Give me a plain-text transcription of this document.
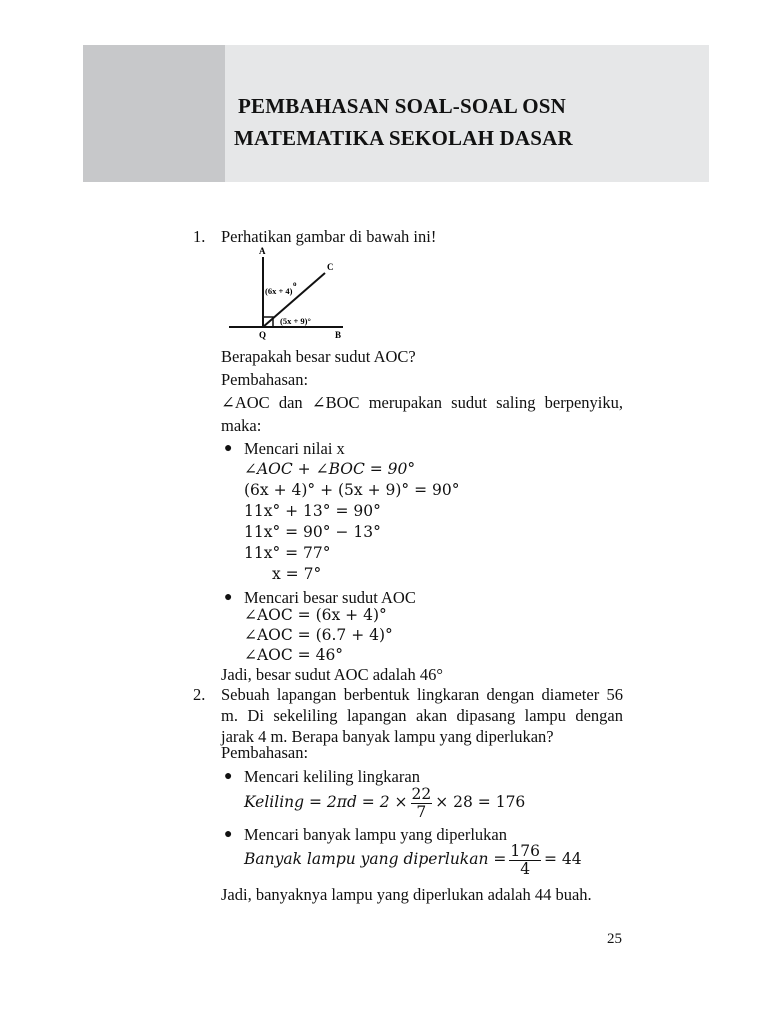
PEMBAHASAN SOAL-SOAL OSN
MATEMATIKA SEKOLAH DASAR
1. Perhatikan gambar di bawah ini!
A
C
Q	B
(6x + 4)
o
(5x + 9)°
Berapakah besar sudut AOC?
Pembahasan:
∠AOC dan ∠BOC merupakan sudut saling berpenyiku,
maka:
● Mencari nilai x
∠AOC + ∠BOC = 90°
(6x + 4)° + (5x + 9)° = 90°
11x° + 13° = 90°
11x° = 90° − 13°
11x° = 77°
x = 7°
● Mencari besar sudut AOC
∠AOC = (6x + 4)°
∠AOC = (6.7 + 4)°
∠AOC = 46°
Jadi, besar sudut AOC adalah 46°
2. Sebuah lapangan berbentuk lingkaran dengan diameter 56
m. Di sekeliling lapangan akan dipasang lampu dengan
jarak 4 m. Berapa banyak lampu yang diperlukan?
Pembahasan:
● Mencari keliling lingkaran
Keliling = $2\pi d = 2 \times \frac{22}{7} \times 28 = 176$
● Mencari banyak lampu yang diperlukan
Banyak lampu yang diperlukan = $\frac{176}{4} = 44$
Jadi, banyaknya lampu yang diperlukan adalah 44 buah.
25
